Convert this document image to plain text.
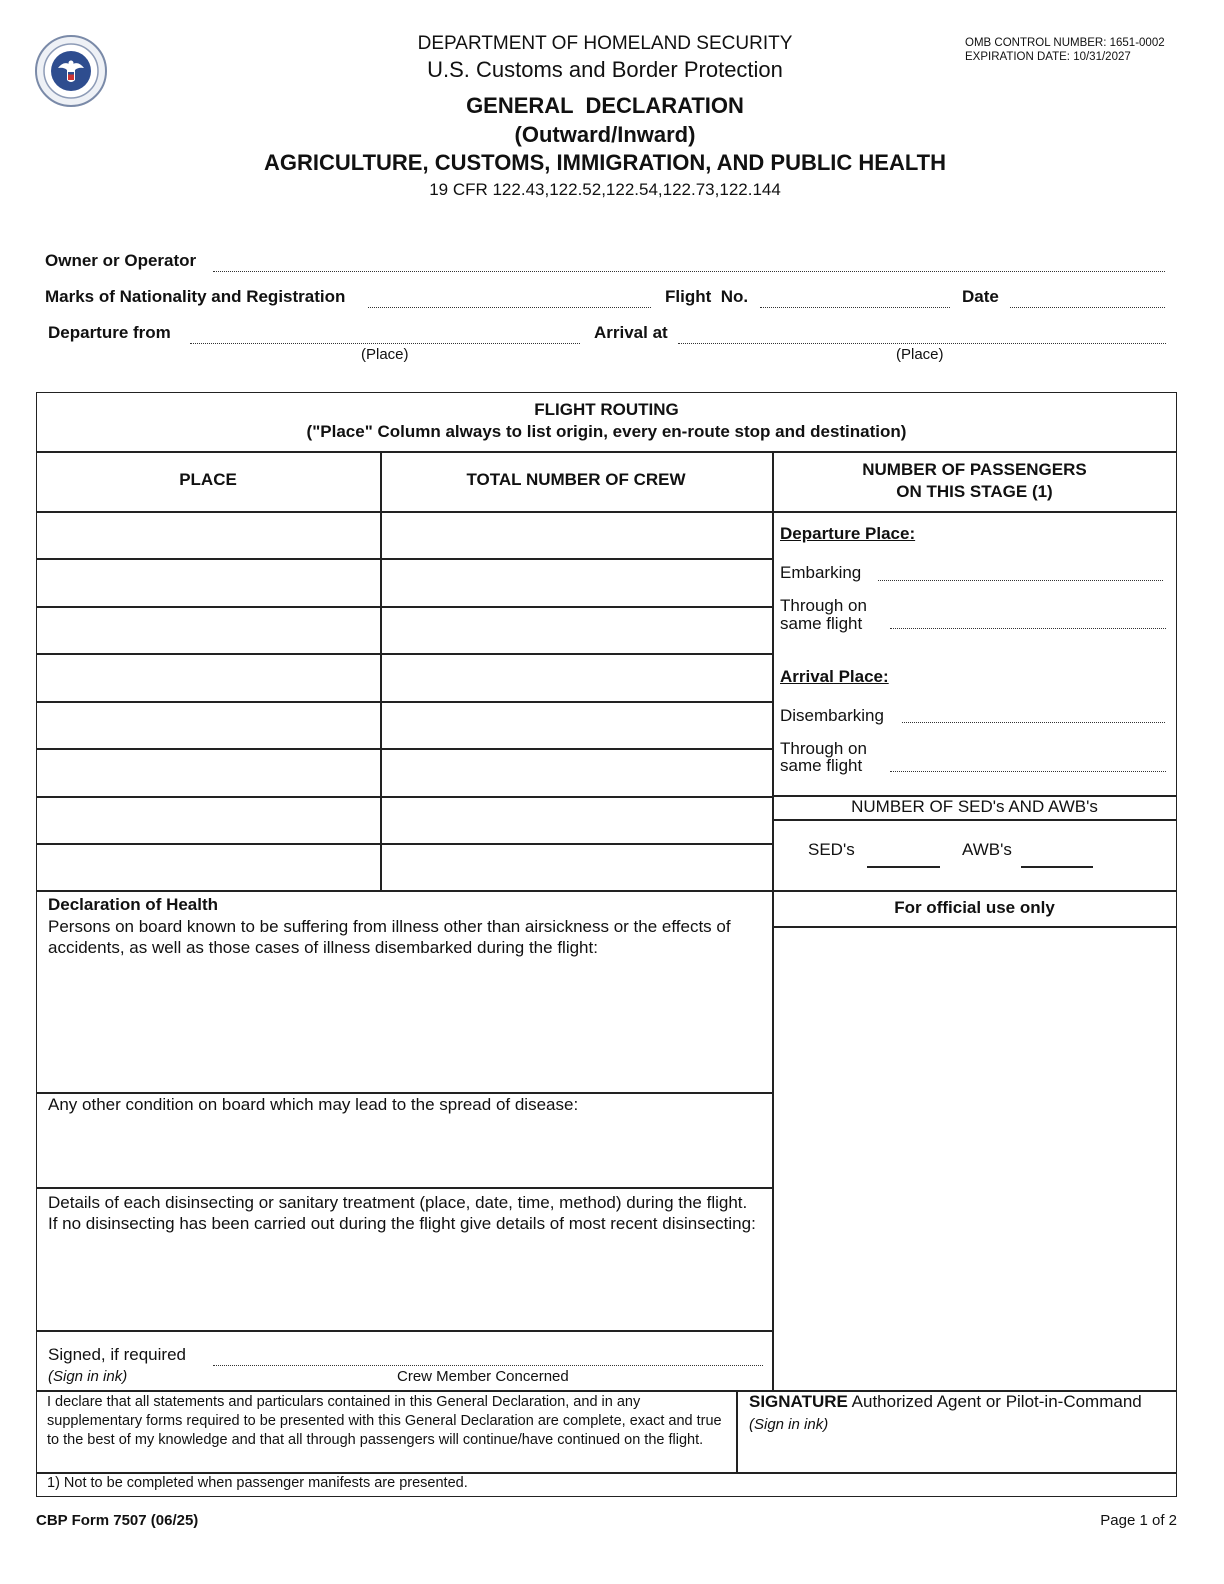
DEPARTMENT OF HOMELAND SECURITY
U.S. Customs and Border Protection
OMB CONTROL NUMBER: 1651-0002
EXPIRATION DATE: 10/31/2027
GENERAL  DECLARATION
(Outward/Inward)
AGRICULTURE, CUSTOMS, IMMIGRATION, AND PUBLIC HEALTH
19 CFR 122.43,122.52,122.54,122.73,122.144
Owner or Operator
Marks of Nationality and Registration	Flight  No.	Date
Departure from
(Place)
Arrival at
(Place)
FLIGHT ROUTING
("Place" Column always to list origin, every en-route stop and destination)
PLACE	TOTAL NUMBER OF CREW
NUMBER OF PASSENGERS
ON THIS STAGE (1)
Departure Place:
Embarking
Through on
same flight
Arrival Place:
Disembarking
Through on
same flight
NUMBER OF SED's AND AWB's
SED's	AWB's
Declaration of Health
Persons on board known to be suffering from illness other than airsickness or the effects of accidents, as well as those cases of illness disembarked during the flight:
Any other condition on board which may lead to the spread of disease:
Details of each disinsecting or sanitary treatment (place, date, time, method) during the flight. If no disinsecting has been carried out during the flight give details of most recent disinsecting:
Signed, if required
(Sign in ink)	Crew Member Concerned
For official use only
I declare that all statements and particulars contained in this General Declaration, and in any supplementary forms required to be presented with this General Declaration are complete, exact and true to the best of my knowledge and that all through passengers will continue/have continued on the flight.
SIGNATURE Authorized Agent or Pilot-in-Command
(Sign in ink)
1) Not to be completed when passenger manifests are presented.
CBP Form 7507 (06/25)	Page 1 of 2
